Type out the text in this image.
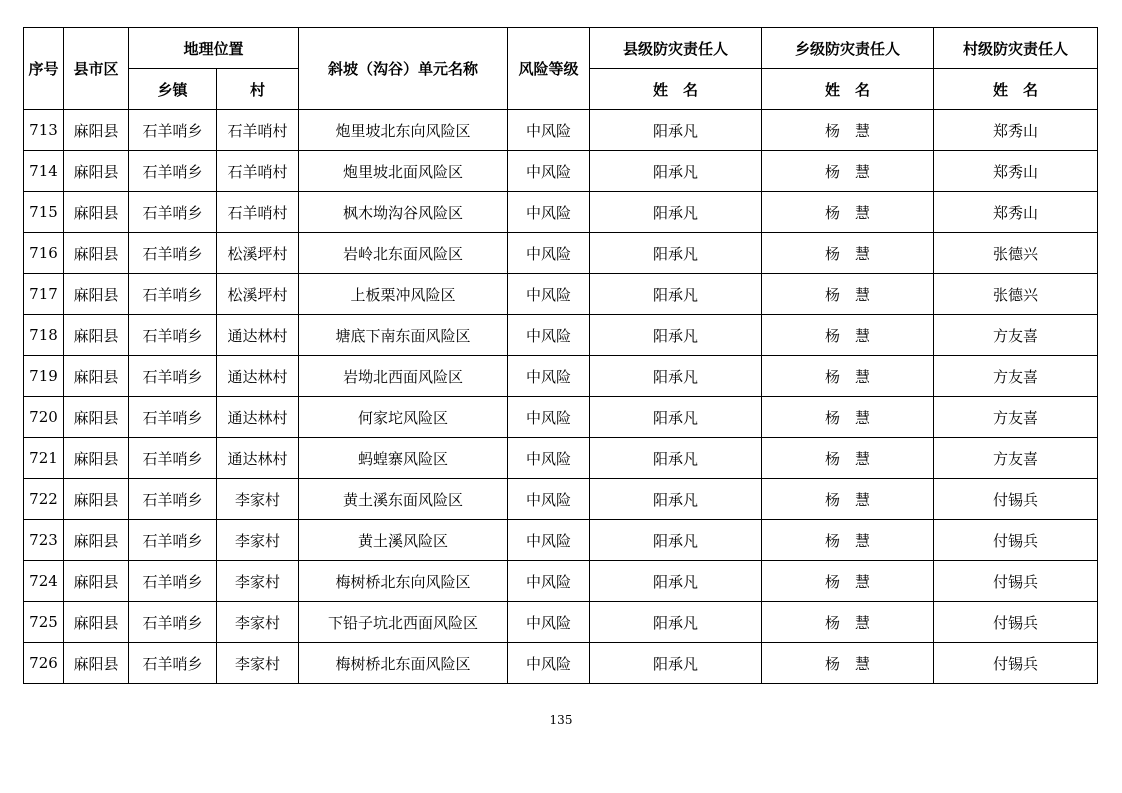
序号	县市区	地理位置		斜坡（沟谷）单元名称	风险等级	县级防灾责任人	乡级防灾责任人	村级防灾责任人
		乡镇	村			姓　名	姓　名	姓　名
713	麻阳县	石羊哨乡	石羊哨村	炮里坡北东向风险区	中风险	阳承凡	杨　慧	郑秀山
714	麻阳县	石羊哨乡	石羊哨村	炮里坡北面风险区	中风险	阳承凡	杨　慧	郑秀山
715	麻阳县	石羊哨乡	石羊哨村	枫木坳沟谷风险区	中风险	阳承凡	杨　慧	郑秀山
716	麻阳县	石羊哨乡	松溪坪村	岩岭北东面风险区	中风险	阳承凡	杨　慧	张德兴
717	麻阳县	石羊哨乡	松溪坪村	上板栗冲风险区	中风险	阳承凡	杨　慧	张德兴
718	麻阳县	石羊哨乡	通达林村	塘底下南东面风险区	中风险	阳承凡	杨　慧	方友喜
719	麻阳县	石羊哨乡	通达林村	岩坳北西面风险区	中风险	阳承凡	杨　慧	方友喜
720	麻阳县	石羊哨乡	通达林村	何家坨风险区	中风险	阳承凡	杨　慧	方友喜
721	麻阳县	石羊哨乡	通达林村	蚂蝗寨风险区	中风险	阳承凡	杨　慧	方友喜
722	麻阳县	石羊哨乡	李家村	黄土溪东面风险区	中风险	阳承凡	杨　慧	付锡兵
723	麻阳县	石羊哨乡	李家村	黄土溪风险区	中风险	阳承凡	杨　慧	付锡兵
724	麻阳县	石羊哨乡	李家村	梅树桥北东向风险区	中风险	阳承凡	杨　慧	付锡兵
725	麻阳县	石羊哨乡	李家村	下铅子坑北西面风险区	中风险	阳承凡	杨　慧	付锡兵
726	麻阳县	石羊哨乡	李家村	梅树桥北东面风险区	中风险	阳承凡	杨　慧	付锡兵
135
